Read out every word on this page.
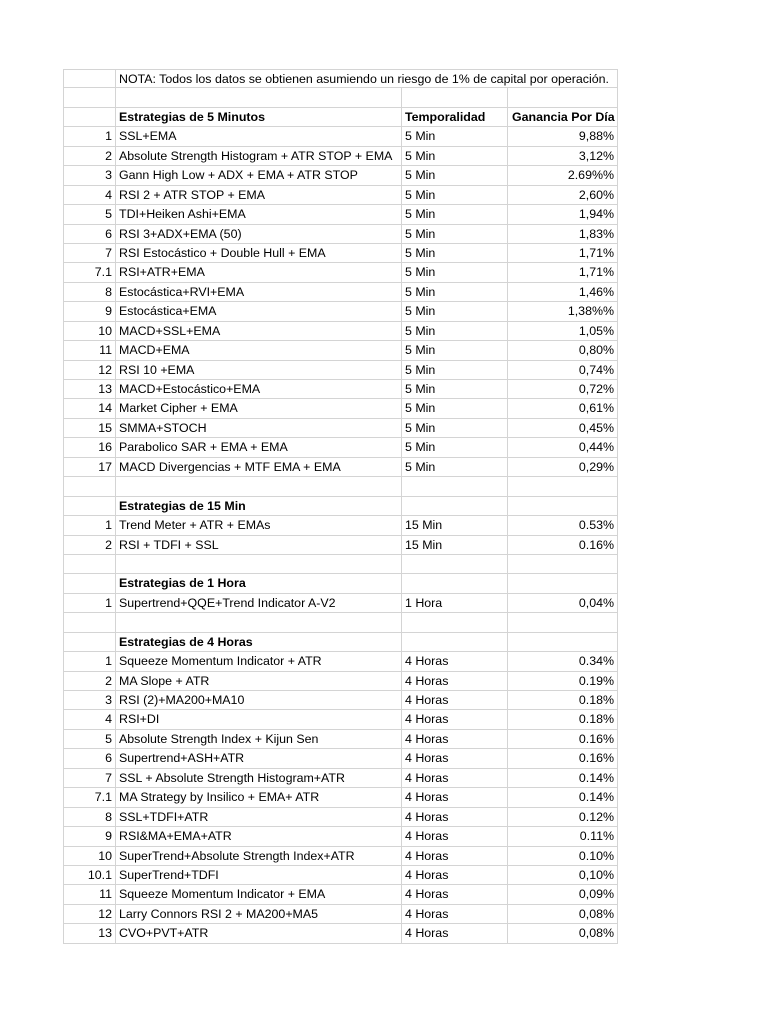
NOTA: Todos los datos se obtienen asumiendo un riesgo de 1% de capital por operación.
Estrategias de 5 Minutos	Temporalidad	Ganancia Por Día
1 SSL+EMA	5 Min	9,88%
2 Absolute Strength Histogram + ATR STOP + EMA	5 Min	3,12%
3 Gann High Low + ADX + EMA + ATR STOP	5 Min	2.69%%
4 RSI 2 + ATR STOP + EMA	5 Min	2,60%
5 TDI+Heiken Ashi+EMA	5 Min	1,94%
6 RSI 3+ADX+EMA (50)	5 Min	1,83%
7 RSI Estocástico + Double Hull + EMA	5 Min	1,71%
7.1 RSI+ATR+EMA	5 Min	1,71%
8 Estocástica+RVI+EMA	5 Min	1,46%
9 Estocástica+EMA	5 Min	1,38%%
10 MACD+SSL+EMA	5 Min	1,05%
11 MACD+EMA	5 Min	0,80%
12 RSI 10 +EMA	5 Min	0,74%
13 MACD+Estocástico+EMA	5 Min	0,72%
14 Market Cipher + EMA	5 Min	0,61%
15 SMMA+STOCH	5 Min	0,45%
16 Parabolico SAR + EMA + EMA	5 Min	0,44%
17 MACD Divergencias + MTF EMA + EMA	5 Min	0,29%
Estrategias de 15 Min
1 Trend Meter + ATR + EMAs	15 Min	0.53%
2 RSI + TDFI + SSL	15 Min	0.16%
Estrategias de 1 Hora
1 Supertrend+QQE+Trend Indicator A-V2	1 Hora	0,04%
Estrategias de 4 Horas
1 Squeeze Momentum Indicator + ATR	4 Horas	0.34%
2 MA Slope + ATR	4 Horas	0.19%
3 RSI (2)+MA200+MA10	4 Horas	0.18%
4 RSI+DI	4 Horas	0.18%
5 Absolute Strength Index + Kijun Sen	4 Horas	0.16%
6 Supertrend+ASH+ATR	4 Horas	0.16%
7 SSL + Absolute Strength Histogram+ATR	4 Horas	0.14%
7.1 MA Strategy by Insilico + EMA+ ATR	4 Horas	0.14%
8 SSL+TDFI+ATR	4 Horas	0.12%
9 RSI&MA+EMA+ATR	4 Horas	0.11%
10 SuperTrend+Absolute Strength Index+ATR	4 Horas	0.10%
10.1 SuperTrend+TDFI	4 Horas	0,10%
11 Squeeze Momentum Indicator + EMA	4 Horas	0,09%
12 Larry Connors RSI 2 + MA200+MA5	4 Horas	0,08%
13 CVO+PVT+ATR	4 Horas	0,08%
